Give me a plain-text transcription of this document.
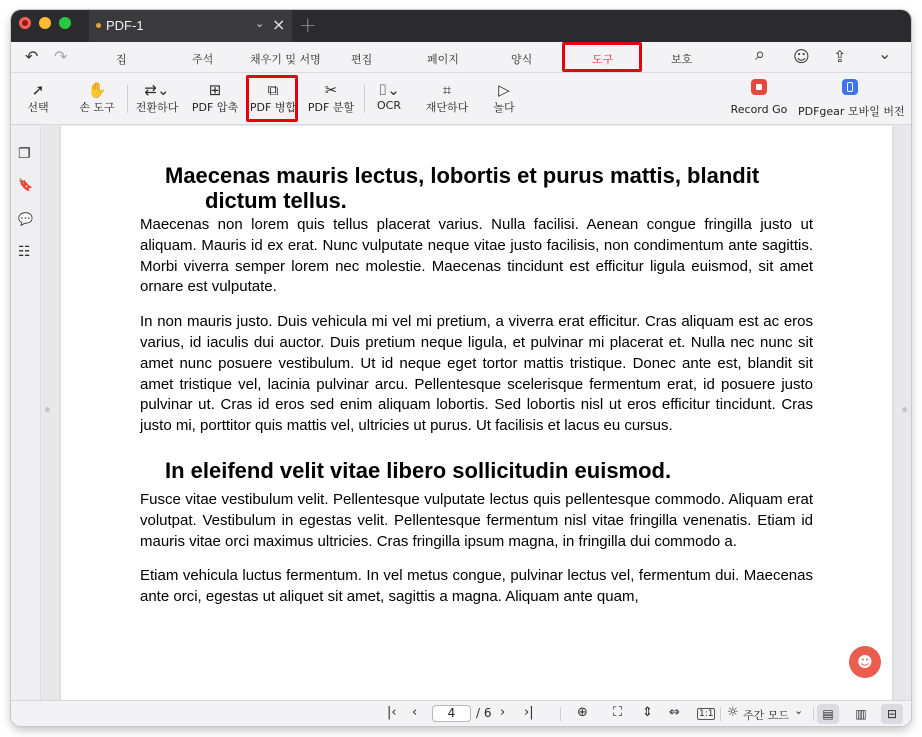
PDF-1	⌄ × +
↶ ↷	집	주석	채우기 및 서명	편집	페이지	양식	도구	보호	⌕ ☺ ⇪ ⌄
➚
선택
✋
손 도구
⇄⌄
전환하다
⊞
PDF 압축
⧉
PDF 병합
✂
PDF 분할
⌷⌄
OCR
⌗
재단하다
▷
놀다	Record Go PDFgear 모바일 버전
❐
🔖
💬
☷
Maecenas mauris lectus, lobortis et purus mattis, blandit
dictum tellus.

Maecenas non lorem quis tellus placerat varius. Nulla facilisi. Aenean congue fringilla justo ut aliquam. Mauris id ex erat. Nunc vulputate neque vitae justo facilisis, non condimentum ante sagittis. Morbi viverra semper lorem nec molestie. Maecenas tincidunt est efficitur ligula euismod, sit amet ornare est vulputate.

In non mauris justo. Duis vehicula mi vel mi pretium, a viverra erat efficitur. Cras aliquam est ac eros varius, id iaculis dui auctor. Duis pretium neque ligula, et pulvinar mi placerat et. Nulla nec nunc sit amet nunc posuere vestibulum. Ut id neque eget tortor mattis tristique. Donec ante est, blandit sit amet tristique vel, lacinia pulvinar arcu. Pellentesque scelerisque fermentum erat, id posuere justo pulvinar ut. Cras id eros sed enim aliquam lobortis. Sed lobortis nisl ut eros efficitur tincidunt. Cras justo mi, porttitor quis mattis vel, ultricies ut purus. Ut facilisis et lacus eu cursus.

In eleifend velit vitae libero sollicitudin euismod.

Fusce vitae vestibulum velit. Pellentesque vulputate lectus quis pellentesque commodo. Aliquam erat volutpat. Vestibulum in egestas velit. Pellentesque fermentum nisl vitae fringilla venenatis. Etiam id mauris vitae orci maximus ultricies. Cras fringilla ipsum magna, in fringilla dui commodo a.

Etiam vehicula luctus fermentum. In vel metus congue, pulvinar lectus vel, fermentum dui. Maecenas ante orci, egestas ut aliquet sit amet, sagittis a magna. Aliquam ante quam,

☻
|‹ ‹	4	/ 6 › ›|	⊕ ⛶ ⇕ ⇔ 1:1 ☼ 주간 모드 ⌄	▤	▥	⊟
